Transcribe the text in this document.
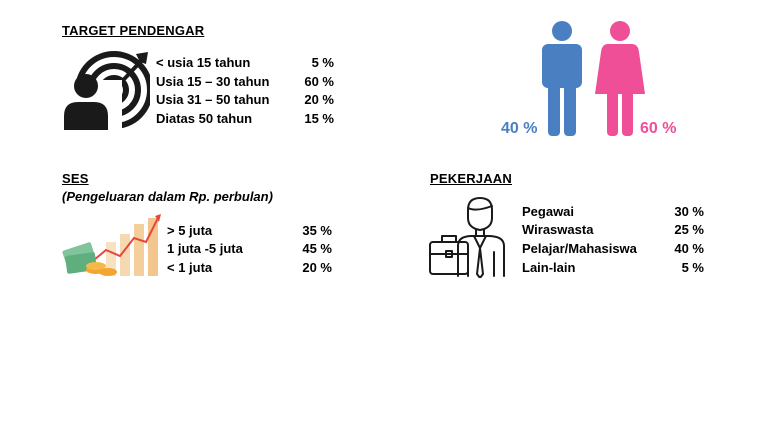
TARGET PENDENGAR
< usia 15 tahun	5 %
Usia 15 – 30 tahun	60 %
Usia 31 – 50 tahun	20 %
Diatas 50 tahun	15 %
40 %	60 %
SES
(Pengeluaran dalam Rp. perbulan)
> 5 juta	35 %
1 juta -5 juta	45 %
< 1 juta	20 %
PEKERJAAN
Pegawai	30 %
Wiraswasta	25 %
Pelajar/Mahasiswa	40 %
Lain-lain	5 %
